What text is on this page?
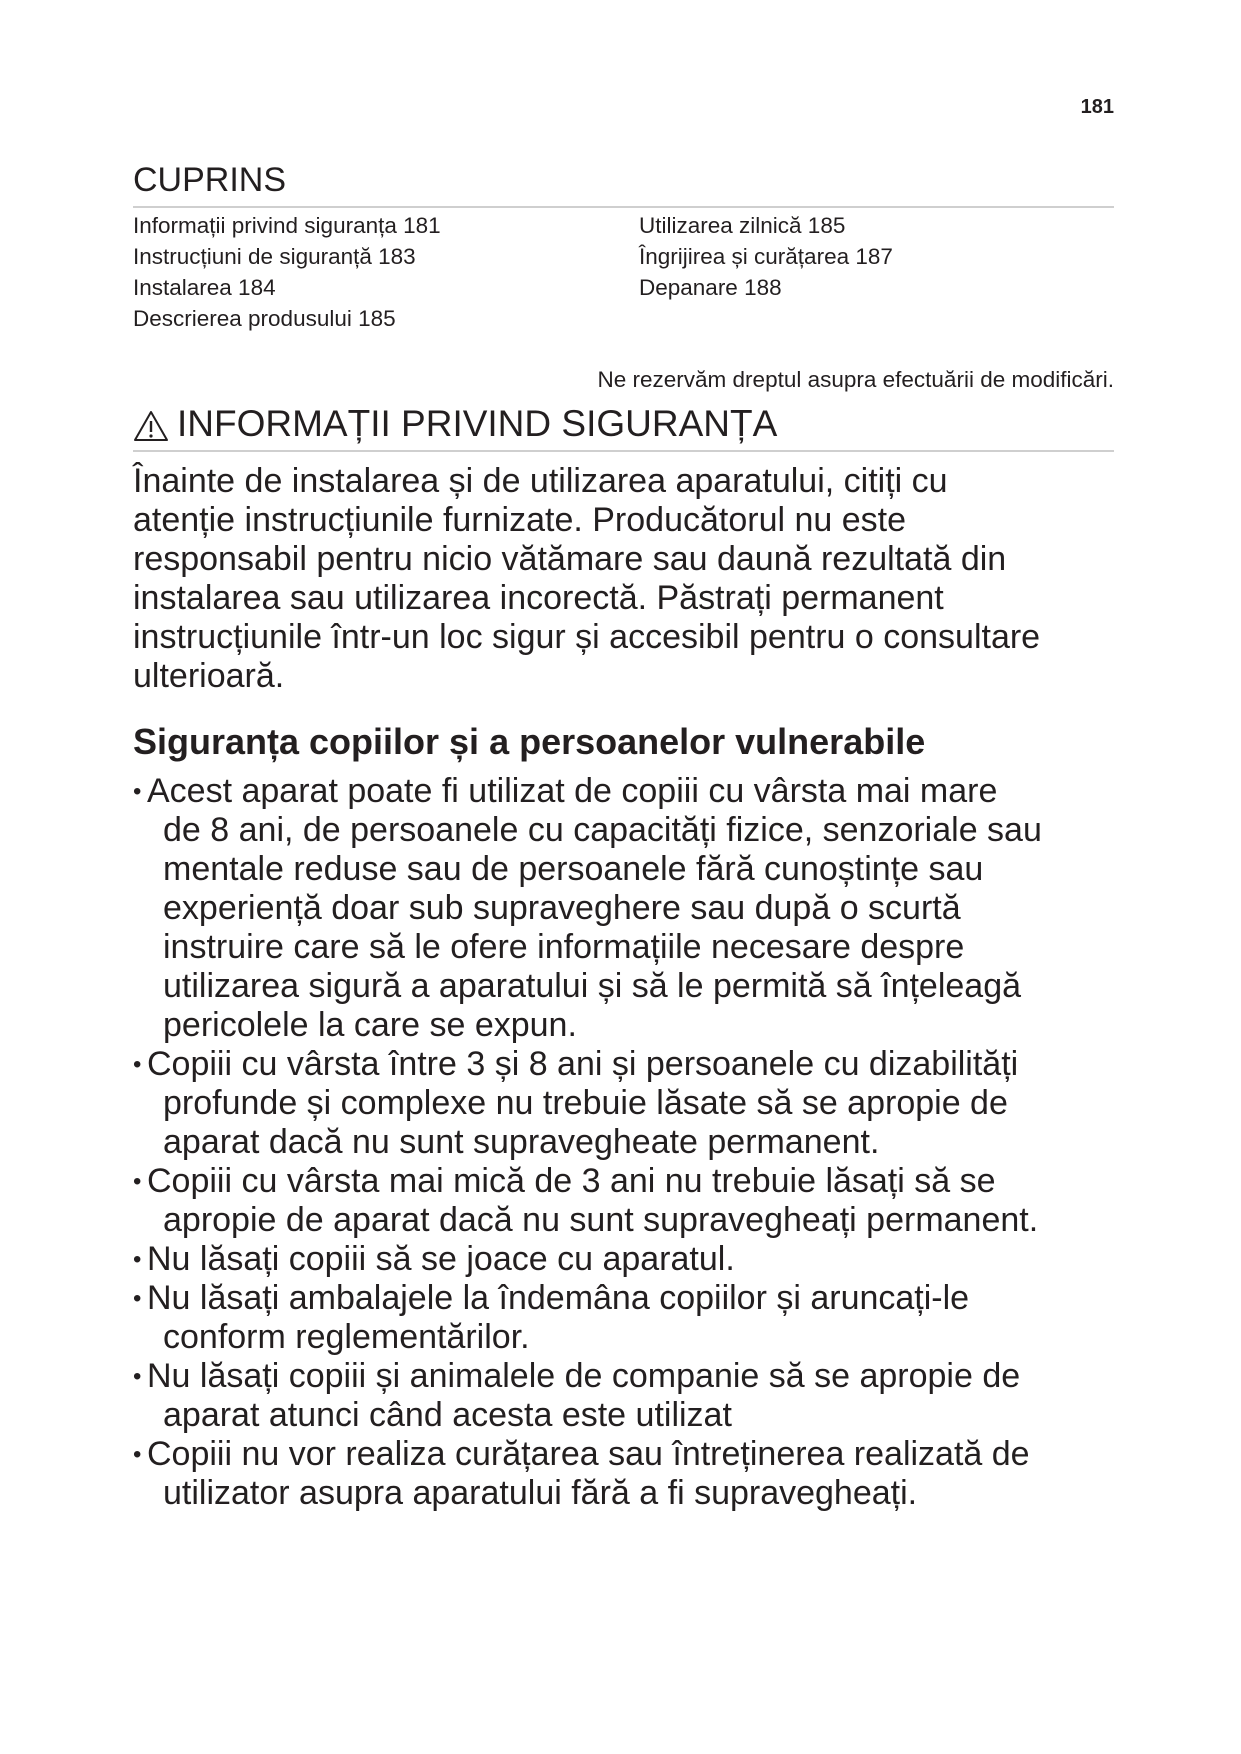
181
CUPRINS
Informații privind siguranța 181
Instrucțiuni de siguranță 183
Instalarea 184
Descrierea produsului 185
Utilizarea zilnică 185
Îngrijirea și curățarea 187
Depanare 188
Ne rezervăm dreptul asupra efectuării de modificări.
INFORMAȚII PRIVIND SIGURANȚA
Înainte de instalarea și de utilizarea aparatului, citiți cu
atenție instrucțiunile furnizate. Producătorul nu este
responsabil pentru nicio vătămare sau daună rezultată din
instalarea sau utilizarea incorectă. Păstrați permanent
instrucțiunile într-un loc sigur și accesibil pentru o consultare
ulterioară.
Siguranța copiilor și a persoanelor vulnerabile
• Acest aparat poate fi utilizat de copiii cu vârsta mai mare
de 8 ani, de persoanele cu capacități fizice, senzoriale sau
mentale reduse sau de persoanele fără cunoștințe sau
experiență doar sub supraveghere sau după o scurtă
instruire care să le ofere informațiile necesare despre
utilizarea sigură a aparatului și să le permită să înțeleagă
pericolele la care se expun.
• Copiii cu vârsta între 3 și 8 ani și persoanele cu dizabilități
profunde și complexe nu trebuie lăsate să se apropie de
aparat dacă nu sunt supravegheate permanent.
• Copiii cu vârsta mai mică de 3 ani nu trebuie lăsați să se
apropie de aparat dacă nu sunt supravegheați permanent.
• Nu lăsați copiii să se joace cu aparatul.
• Nu lăsați ambalajele la îndemâna copiilor și aruncați-le
conform reglementărilor.
• Nu lăsați copiii și animalele de companie să se apropie de
aparat atunci când acesta este utilizat
• Copiii nu vor realiza curățarea sau întreținerea realizată de
utilizator asupra aparatului fără a fi supravegheați.
